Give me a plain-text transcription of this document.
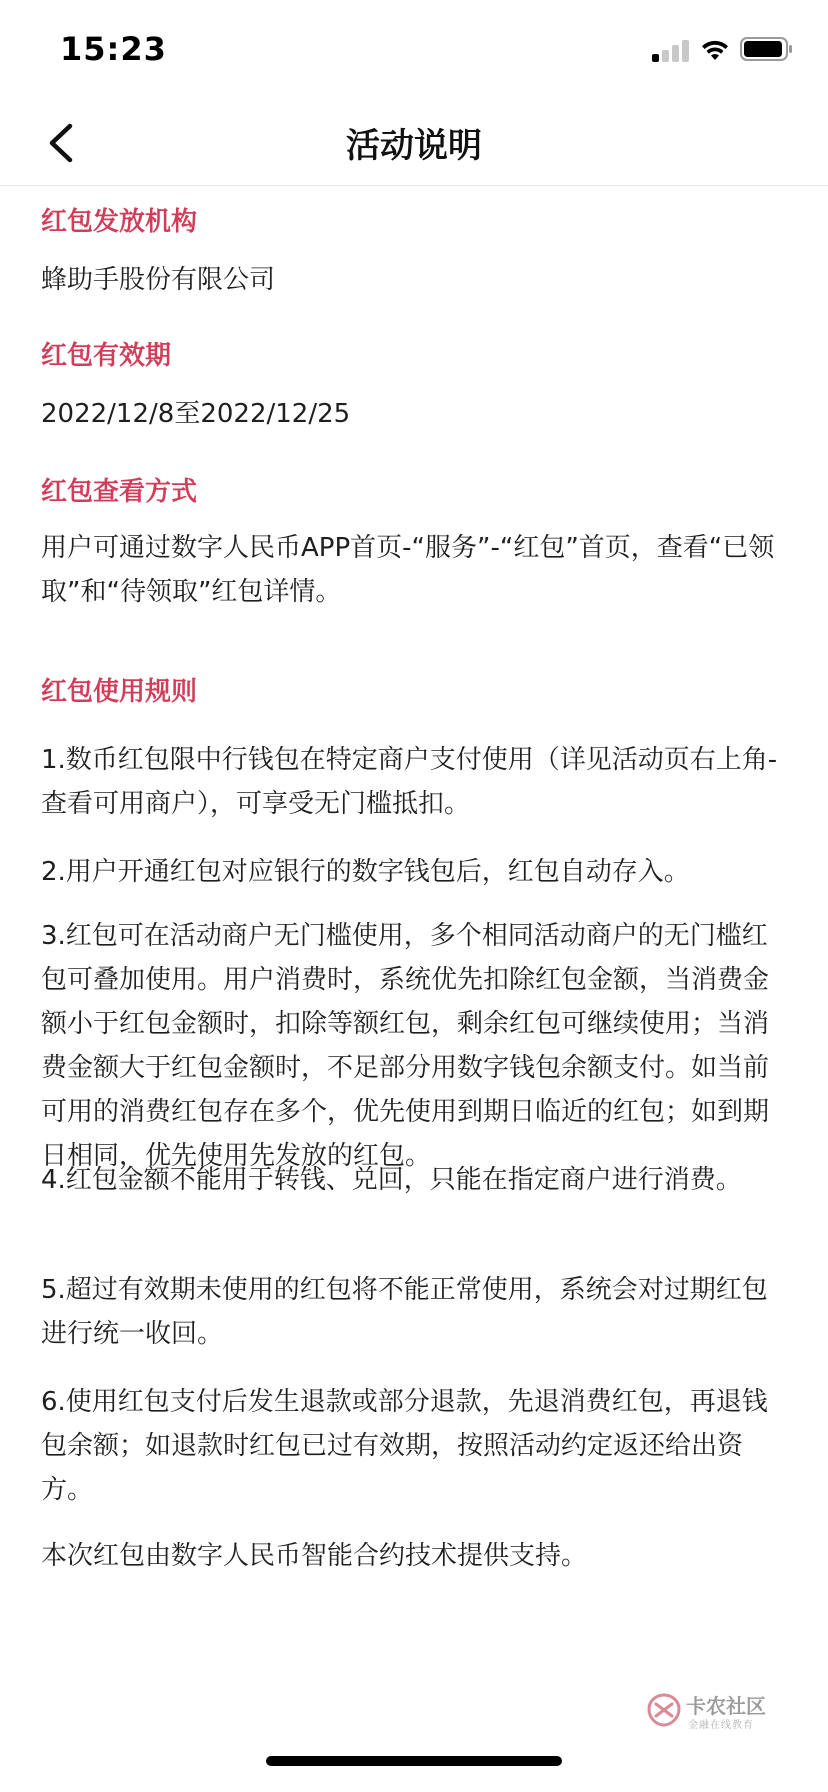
15:23
活动说明
红包发放机构
蜂助手股份有限公司
红包有效期
2022/12/8至2022/12/25
红包查看方式
用户可通过数字人民币APP首页-“服务”-“红包”首页，查看“已领取”和“待领取”红包详情。
红包使用规则
1.数币红包限中行钱包在特定商户支付使用（详见活动页右上角-查看可用商户），可享受无门槛抵扣。
2.用户开通红包对应银行的数字钱包后，红包自动存入。
3.红包可在活动商户无门槛使用，多个相同活动商户的无门槛红包可叠加使用。用户消费时，系统优先扣除红包金额，当消费金额小于红包金额时，扣除等额红包，剩余红包可继续使用；当消费金额大于红包金额时，不足部分用数字钱包余额支付。如当前可用的消费红包存在多个，优先使用到期日临近的红包；如到期日相同，优先使用先发放的红包。
4.红包金额不能用于转钱、兑回，只能在指定商户进行消费。
5.超过有效期未使用的红包将不能正常使用，系统会对过期红包进行统一收回。
6.使用红包支付后发生退款或部分退款，先退消费红包，再退钱包余额；如退款时红包已过有效期，按照活动约定返还给出资方。
本次红包由数字人民币智能合约技术提供支持。
卡农社区
金融在线教育
